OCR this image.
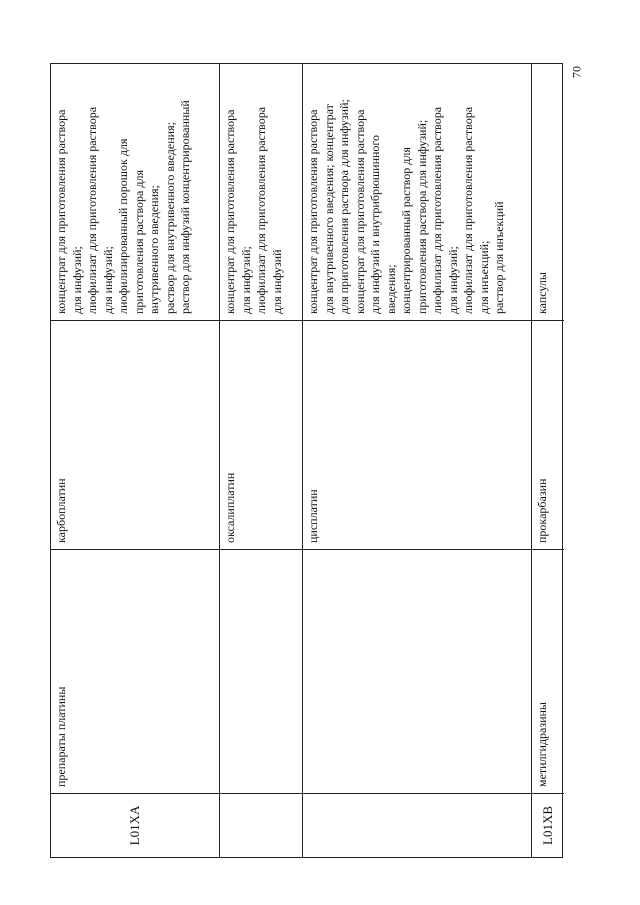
70
L01XA
препараты платины
карбоплатин
концентрат для приготовления раствора для инфузий; лиофилизат для приготовления раствора для инфузий; лиофилизированный порошок для приготовления раствора для внутривенного введения; раствор для внутривенного введения; раствор для инфузий концентрированный
оксалиплатин
концентрат для приготовления раствора для инфузий; лиофилизат для приготовления раствора для инфузий
цисплатин
концентрат для приготовления раствора для внутривенного введения; концентрат для приготовления раствора для инфузий; концентрат для приготовления раствора для инфузий и внутрибрюшинного введения; концентрированный раствор для приготовления раствора для инфузий; лиофилизат для приготовления раствора для инфузий; лиофилизат для приготовления раствора для инъекций; раствор для инъекций
L01XB
метилгидразины
прокарбазин
капсулы
